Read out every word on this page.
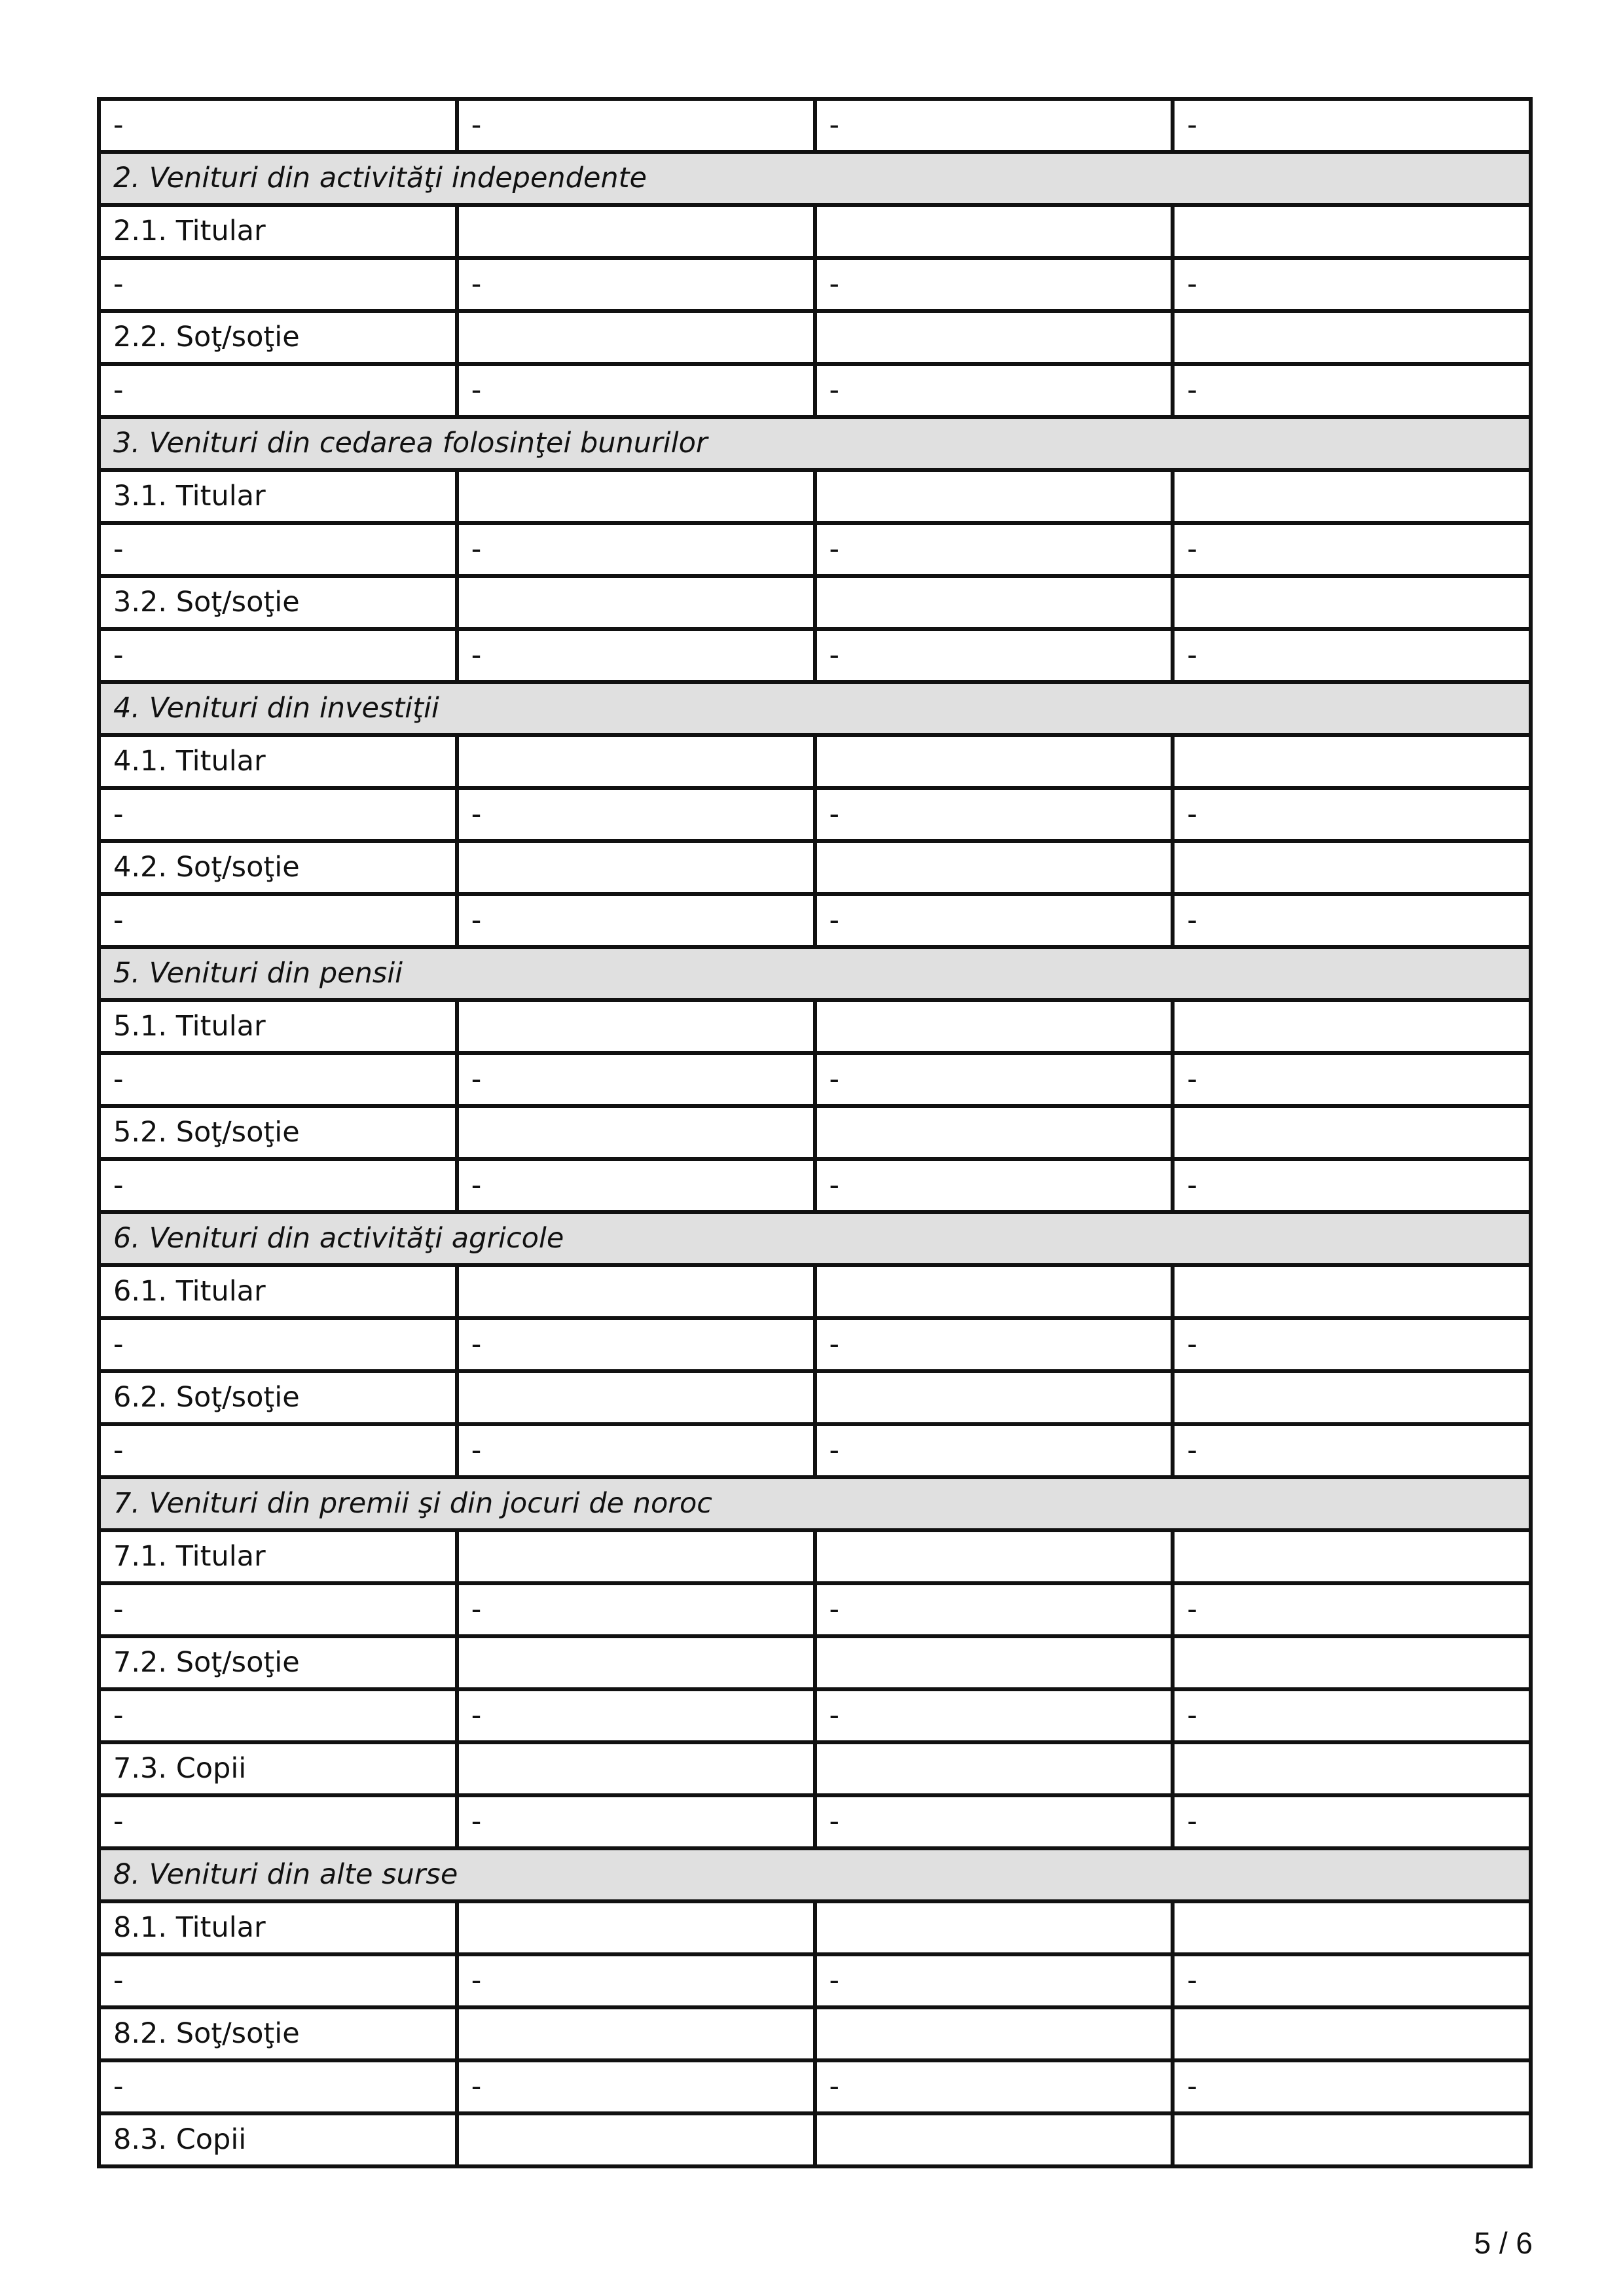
-	-	-	-
2. Venituri din activităţi independente			
2.1. Titular			
-	-	-	-
2.2. Soţ/soţie			
-	-	-	-
3. Venituri din cedarea folosinţei bunurilor			
3.1. Titular			
-	-	-	-
3.2. Soţ/soţie			
-	-	-	-
4. Venituri din investiţii			
4.1. Titular			
-	-	-	-
4.2. Soţ/soţie			
-	-	-	-
5. Venituri din pensii			
5.1. Titular			
-	-	-	-
5.2. Soţ/soţie			
-	-	-	-
6. Venituri din activităţi agricole			
6.1. Titular			
-	-	-	-
6.2. Soţ/soţie			
-	-	-	-
7. Venituri din premii şi din jocuri de noroc			
7.1. Titular			
-	-	-	-
7.2. Soţ/soţie			
-	-	-	-
7.3. Copii			
-	-	-	-
8. Venituri din alte surse			
8.1. Titular			
-	-	-	-
8.2. Soţ/soţie			
-	-	-	-
8.3. Copii			
5 / 6
